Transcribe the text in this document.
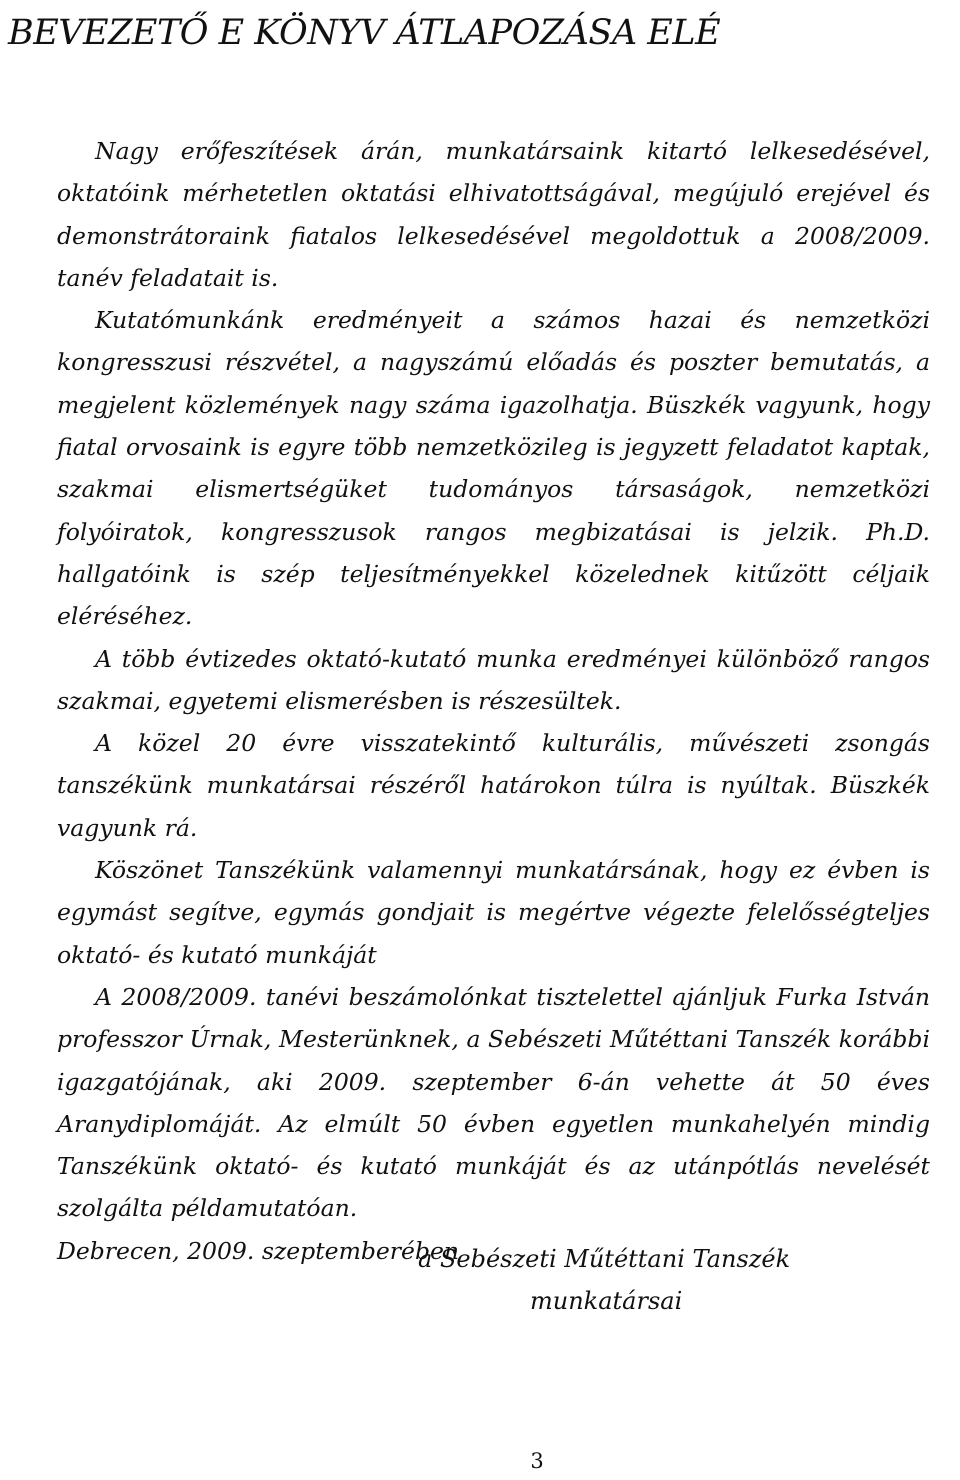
BEVEZETŐ E KÖNYV ÁTLAPOZÁSA ELÉ

Nagy erőfeszítések árán, munkatársaink kitartó lelkesedésével, oktatóink mérhetetlen oktatási elhivatottságával, megújuló erejével és demonstrátoraink fiatalos lelkesedésével megoldottuk a 2008/2009. tanév feladatait is.

Kutatómunkánk eredményeit a számos hazai és nemzetközi kongresszusi részvétel, a nagyszámú előadás és poszter bemutatás, a megjelent közlemények nagy száma igazolhatja. Büszkék vagyunk, hogy fiatal orvosaink is egyre több nemzetközileg is jegyzett feladatot kaptak, szakmai elismertségüket tudományos társaságok, nemzetközi folyóiratok, kongresszusok rangos megbizatásai is jelzik. Ph.D. hallgatóink is szép teljesítményekkel közelednek kitűzött céljaik eléréséhez.

A több évtizedes oktató-kutató munka eredményei különböző rangos szakmai, egyetemi elismerésben is részesültek.

A közel 20 évre visszatekintő kulturális, művészeti zsongás tanszékünk munkatársai részéről határokon túlra is nyúltak. Büszkék vagyunk rá.

Köszönet Tanszékünk valamennyi munkatársának, hogy ez évben is egymást segítve, egymás gondjait is megértve végezte felelősségteljes oktató- és kutató munkáját

A 2008/2009. tanévi beszámolónkat tisztelettel ajánljuk Furka István professzor Úrnak, Mesterünknek, a Sebészeti Műtéttani Tanszék korábbi igazgatójának, aki 2009. szeptember 6-án vehette át 50 éves Aranydiplomáját. Az elmúlt 50 évben egyetlen munkahelyén mindig Tanszékünk oktató- és kutató munkáját és az utánpótlás nevelését szolgálta példamutatóan.

Debrecen, 2009. szeptemberében

a Sebészeti Műtéttani Tanszék
munkatársai
3
